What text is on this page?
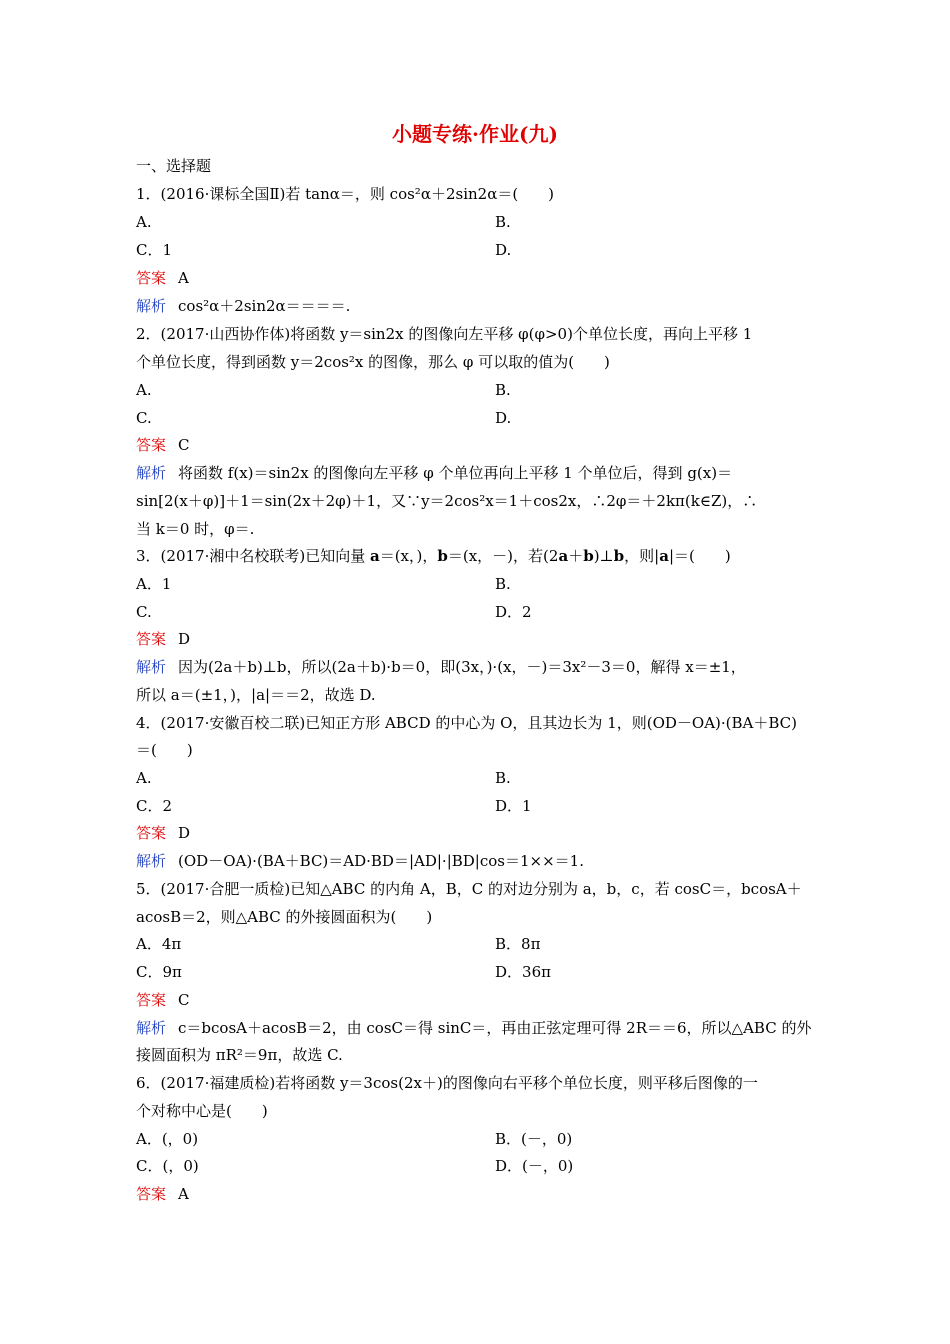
小题专练·作业(九)
一、选择题
1．(2016·课标全国Ⅱ)若 tanα＝，则 cos²α＋2sin2α＝(　　)
A.	B.
C．1	D.
答案 A
解析 cos²α＋2sin2α＝＝＝＝.
2．(2017·山西协作体)将函数 y＝sin2x 的图像向左平移 φ(φ>0)个单位长度，再向上平移 1
个单位长度，得到函数 y＝2cos²x 的图像，那么 φ 可以取的值为(　　)
A.	B.
C.	D.
答案 C
解析 将函数 f(x)＝sin2x 的图像向左平移 φ 个单位再向上平移 1 个单位后，得到 g(x)＝
sin[2(x＋φ)]＋1＝sin(2x＋2φ)＋1，又∵y＝2cos²x＝1＋cos2x，∴2φ＝＋2kπ(k∈Z)，∴
当 k＝0 时，φ＝.
3．(2017·湘中名校联考)已知向量 a＝(x，)，b＝(x，－)，若(2a＋b)⊥b，则|a|＝(　　)
A．1	B.
C.	D．2
答案 D
解析 因为(2a＋b)⊥b，所以(2a＋b)·b＝0，即(3x，)·(x，－)＝3x²－3＝0，解得 x＝±1，
所以 a＝(±1，)，|a|＝＝2，故选 D.
4．(2017·安徽百校二联)已知正方形 ABCD 的中心为 O，且其边长为 1，则(OD－OA)·(BA＋BC)
＝(　　)
A.	B.
C．2	D．1
答案 D
解析 (OD－OA)·(BA＋BC)＝AD·BD＝|AD|·|BD|cos＝1××＝1.
5．(2017·合肥一质检)已知△ABC 的内角 A，B，C 的对边分别为 a，b，c，若 cosC＝，bcosA＋
acosB＝2，则△ABC 的外接圆面积为(　　)
A．4π	B．8π
C．9π	D．36π
答案 C
解析 c＝bcosA＋acosB＝2，由 cosC＝得 sinC＝，再由正弦定理可得 2R＝＝6，所以△ABC 的外
接圆面积为 πR²＝9π，故选 C.
6．(2017·福建质检)若将函数 y＝3cos(2x＋)的图像向右平移个单位长度，则平移后图像的一
个对称中心是(　　)
A．(，0)	B．(－，0)
C．(，0)	D．(－，0)
答案 A
